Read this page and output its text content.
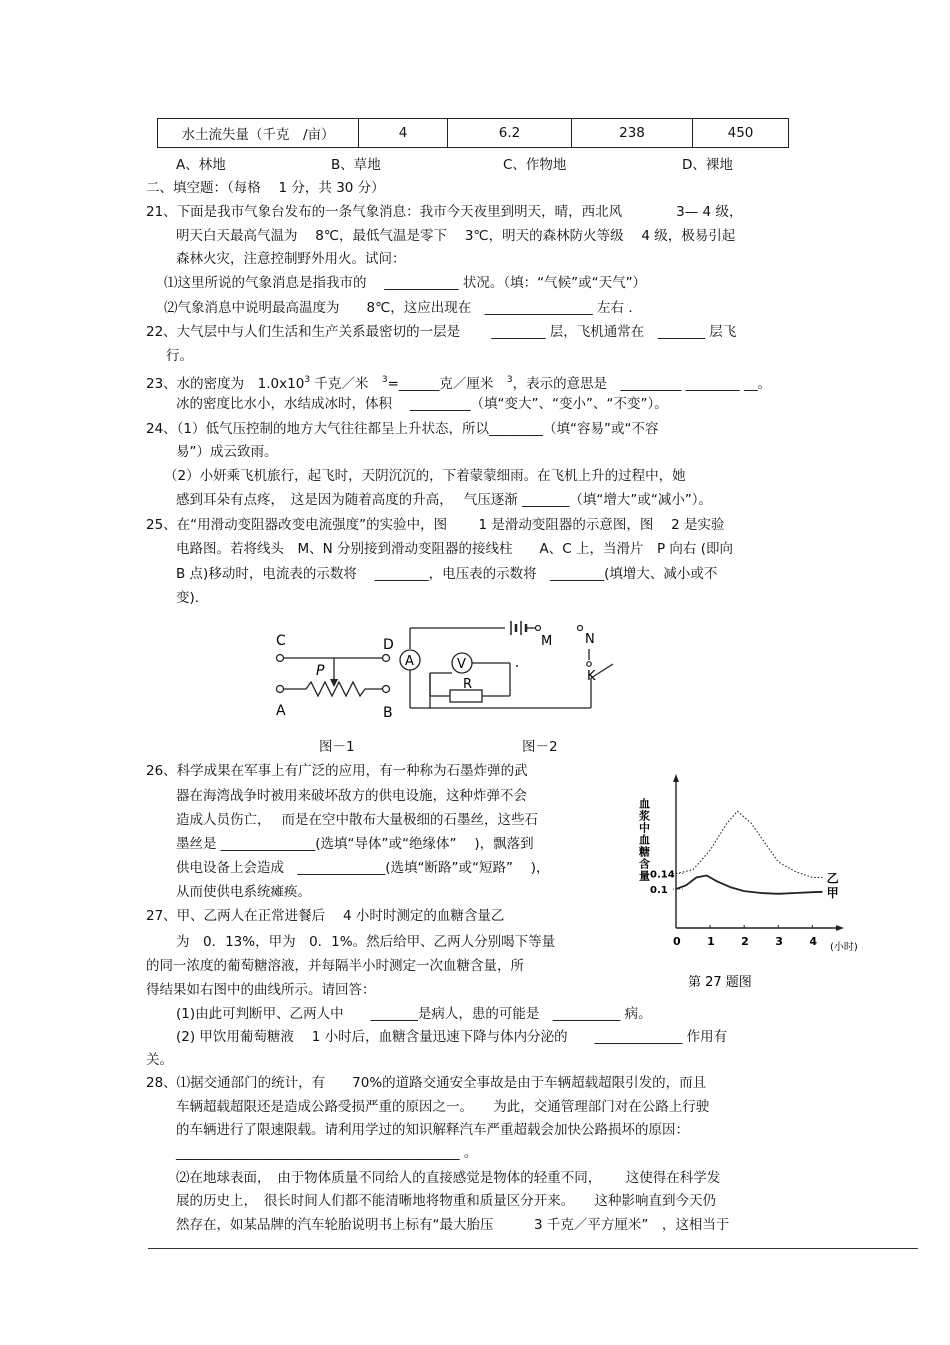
水土流失量（千克　/亩）	4	6.2	238	450
A、林地	B、草地	C、作物地	D、裸地
二、填空题：（每格　 1 分，共 30 分）
21、下面是我市气象台发布的一条气象消息：我市今天夜里到明天，晴，西北风　　　　3— 4 级，
明天白天最高气温为　 8℃，最低气温是零下　 3℃，明天的森林防火等级　 4 级，极易引起
森林火灾，注意控制野外用火。试问：
⑴这里所说的气象消息是指我市的　 ___________ 状况。（填：“气候”或“天气”）
⑵气象消息中说明最高温度为　　8℃，这应出现在　________________ 左右 .
22、大气层中与人们生活和生产关系最密切的一层是　　 ________ 层，飞机通常在　_______ 层飞
行。
23、水的密度为　$1.0x10^3$ 千克／米　$^3$=______克／厘米　$^3$，表示的意思是　_________ ________ __。
冰的密度比水小，水结成冰时，体积　 _________（填“变大”、“变小”、“不变”）。
24、（1）低气压控制的地方大气往往都呈上升状态，所以________（填“容易”或“不容
易”）成云致雨。
（2）小妍乘飞机旅行，起飞时，天阴沉沉的，下着蒙蒙细雨。在飞机上升的过程中，她
感到耳朵有点疼，　这是因为随着高度的升高，　 气压逐渐 _______（填“增大”或“减小”）。
25、在“用滑动变阻器改变电流强度”的实验中，图　　 1 是滑动变阻器的示意图，图　 2 是实验
电路图。若将线头　M、N 分别接到滑动变阻器的接线柱　　A、C 上，当滑片　P 向右 (即向
B 点)移动时，电流表的示数将　 ________，电压表的示数将　________(填增大、减小或不
变).
C	D
P
A	B
M	N
K
A	V
R
图－1	图－2
26、科学成果在军事上有广泛的应用，有一种称为石墨炸弹的武
器在海湾战争时被用来破坏敌方的供电设施，这种炸弹不会
造成人员伤亡，　 而是在空中散布大量极细的石墨丝，这些石
墨丝是 ______________(选填“导体”或“绝缘体”　 )，飘落到
供电设备上会造成　_____________(选填“断路”或“短路”　 )，
从而使供电系统瘫痪。
27、甲、乙两人在正常进餐后　 4 小时时测定的血糖含量乙
为　0．13%，甲为　0．1%。然后给甲、乙两人分别喝下等量
的同一浓度的葡萄糖溶液，并每隔半小时测定一次血糖含量，所
得结果如右图中的曲线所示。请回答：
(1)由此可判断甲、乙两人中　　_______是病人，患的可能是　__________ 病。
(2) 甲饮用葡萄糖液　 1 小时后，血糖含量迅速下降与体内分泌的　　_____________ 作用有
关。
血浆中血糖含量
0 1 2 3 4 (小时)
0.1
0.14	乙
甲
第 27 题图
28、⑴据交通部门的统计，有　　70%的道路交通安全事故是由于车辆超载超限引发的，而且
车辆超载超限还是造成公路受损严重的原因之一。　　为此，交通管理部门对在公路上行驶
的车辆进行了限速限载。请利用学过的知识解释汽车严重超载会加快公路损坏的原因：
__________________________________________ 。
⑵在地球表面，　由于物体质量不同给人的直接感觉是物体的轻重不同，　　 这使得在科学发
展的历史上，　很长时间人们都不能清晰地将物重和质量区分开来。　　这种影响直到今天仍
然存在，如某品牌的汽车轮胎说明书上标有“最大胎压　　　3 千克／平方厘米”　，这相当于
